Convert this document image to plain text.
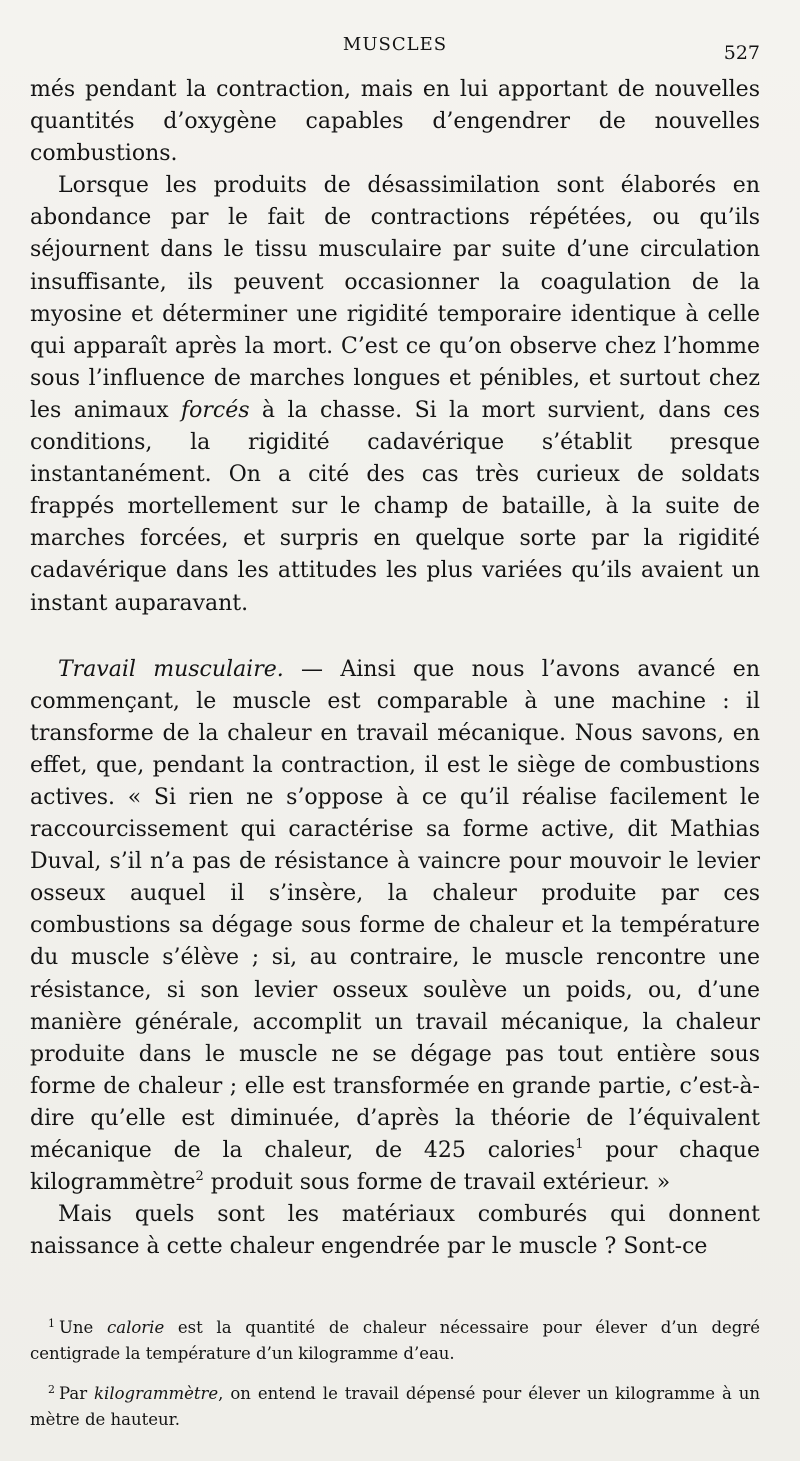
MUSCLES	527

més pendant la contraction, mais en lui apportant de nouvelles quantités d’oxygène capables d’engendrer de nouvelles combustions.

Lorsque les produits de désassimilation sont élaborés en abondance par le fait de contractions répétées, ou qu’ils séjournent dans le tissu musculaire par suite d’une circulation insuffisante, ils peuvent occasionner la coagulation de la myosine et déterminer une rigidité temporaire identique à celle qui apparaît après la mort. C’est ce qu’on observe chez l’homme sous l’influence de marches longues et pénibles, et surtout chez les animaux forcés à la chasse. Si la mort survient, dans ces conditions, la rigidité cadavérique s’établit presque instantanément. On a cité des cas très curieux de soldats frappés mortellement sur le champ de bataille, à la suite de marches forcées, et surpris en quelque sorte par la rigidité cadavérique dans les attitudes les plus variées qu’ils avaient un instant auparavant.

Travail musculaire. — Ainsi que nous l’avons avancé en commençant, le muscle est comparable à une machine : il transforme de la chaleur en travail mécanique. Nous savons, en effet, que, pendant la contraction, il est le siège de combustions actives. « Si rien ne s’oppose à ce qu’il réalise facilement le raccourcissement qui caractérise sa forme active, dit Mathias Duval, s’il n’a pas de résistance à vaincre pour mouvoir le levier osseux auquel il s’insère, la chaleur produite par ces combustions sa dégage sous forme de chaleur et la température du muscle s’élève ; si, au contraire, le muscle rencontre une résistance, si son levier osseux soulève un poids, ou, d’une manière générale, accomplit un travail mécanique, la chaleur produite dans le muscle ne se dégage pas tout entière sous forme de chaleur ; elle est transformée en grande partie, c’est-à-dire qu’elle est diminuée, d’après la théorie de l’équivalent mécanique de la chaleur, de 425 calories$^1$ pour chaque kilogrammètre$^2$ produit sous forme de travail extérieur. »

Mais quels sont les matériaux comburés qui donnent naissance à cette chaleur engendrée par le muscle ? Sont-ce

$^1$ Une calorie est la quantité de chaleur nécessaire pour élever d’un degré centigrade la température d’un kilogramme d’eau.

$^2$ Par kilogrammètre, on entend le travail dépensé pour élever un kilogramme à un mètre de hauteur.
